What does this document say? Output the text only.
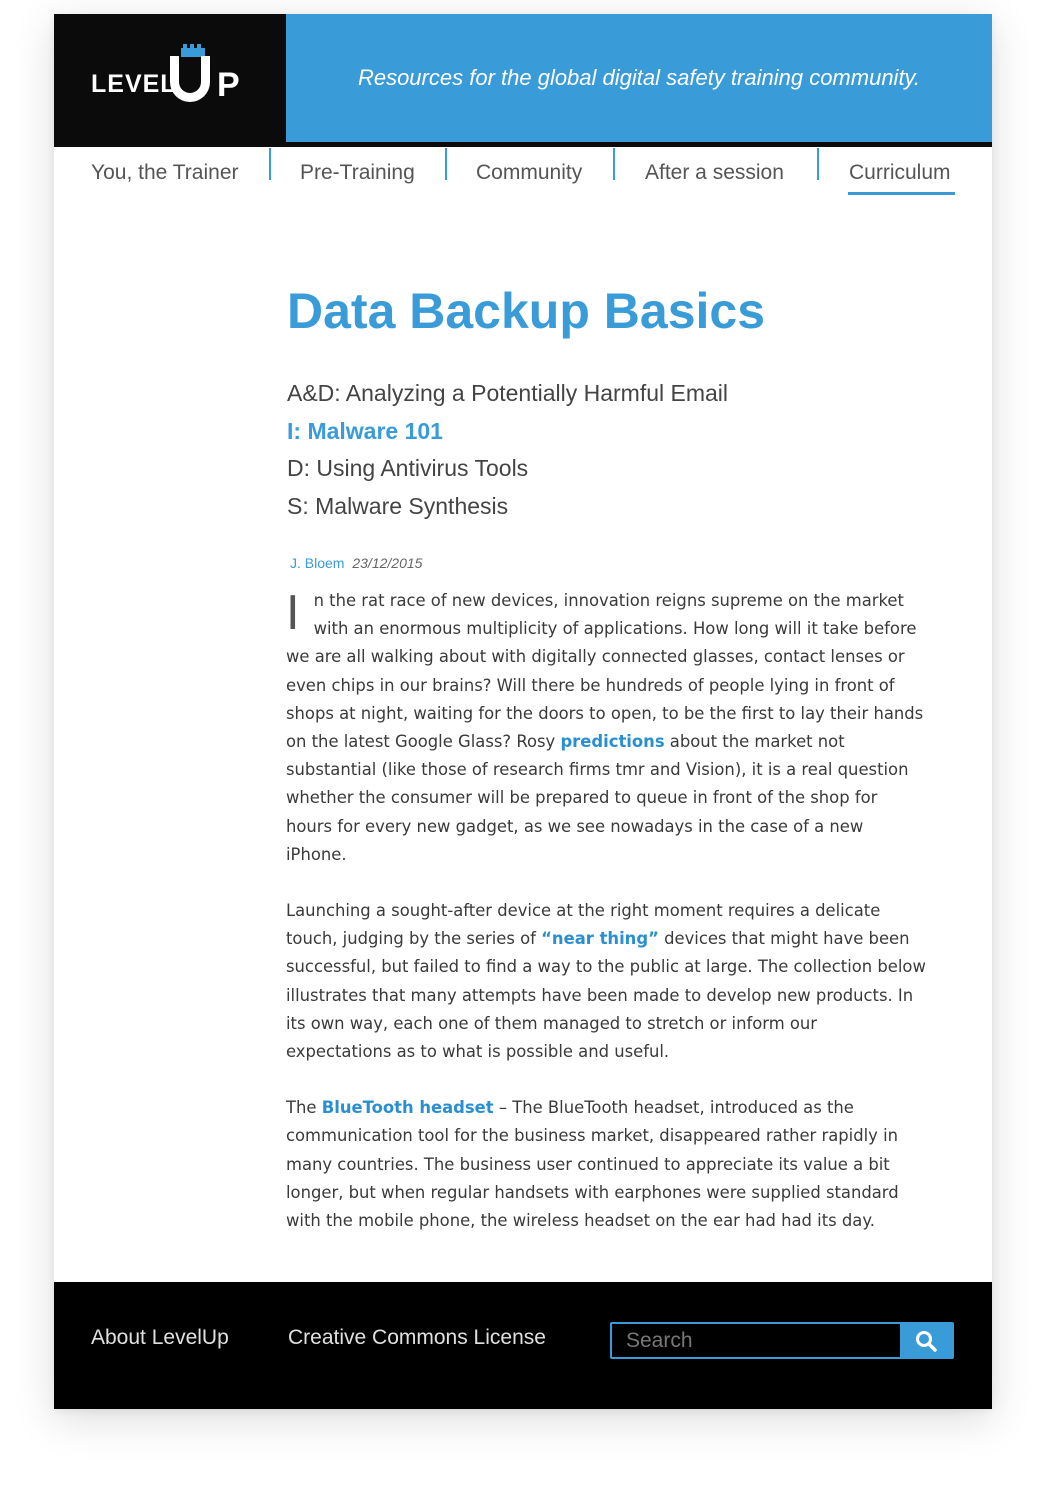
LEVEL P	Resources for the global digital safety training community.
You, the Trainer	Pre-Training	Community	After a session	Curriculum
Data Backup Basics
A&D: Analyzing a Potentially Harmful Email
I: Malware 101
D: Using Antivirus Tools
S: Malware Synthesis
J. Bloem 23/12/2015

In the rat race of new devices, innovation reigns supreme on the market with an enormous multiplicity of applications. How long will it take before we are all walking about with digitally connected glasses, contact lenses or even chips in our brains? Will there be hundreds of people lying in front of shops at night, waiting for the doors to open, to be the first to lay their hands on the latest Google Glass? Rosy predictions about the market not substantial (like those of research firms tmr and Vision), it is a real question whether the consumer will be prepared to queue in front of the shop for hours for every new gadget, as we see nowadays in the case of a new iPhone.

Launching a sought-after device at the right moment requires a delicate touch, judging by the series of “near thing” devices that might have been successful, but failed to find a way to the public at large. The collection below illustrates that many attempts have been made to develop new products. In its own way, each one of them managed to stretch or inform our expectations as to what is possible and useful.

The BlueTooth headset – The BlueTooth headset, introduced as the communication tool for the business market, disappeared rather rapidly in many countries. The business user continued to appreciate its value a bit longer, but when regular handsets with earphones were supplied standard with the mobile phone, the wireless headset on the ear had had its day.

About LevelUp	Creative Commons License
Search
